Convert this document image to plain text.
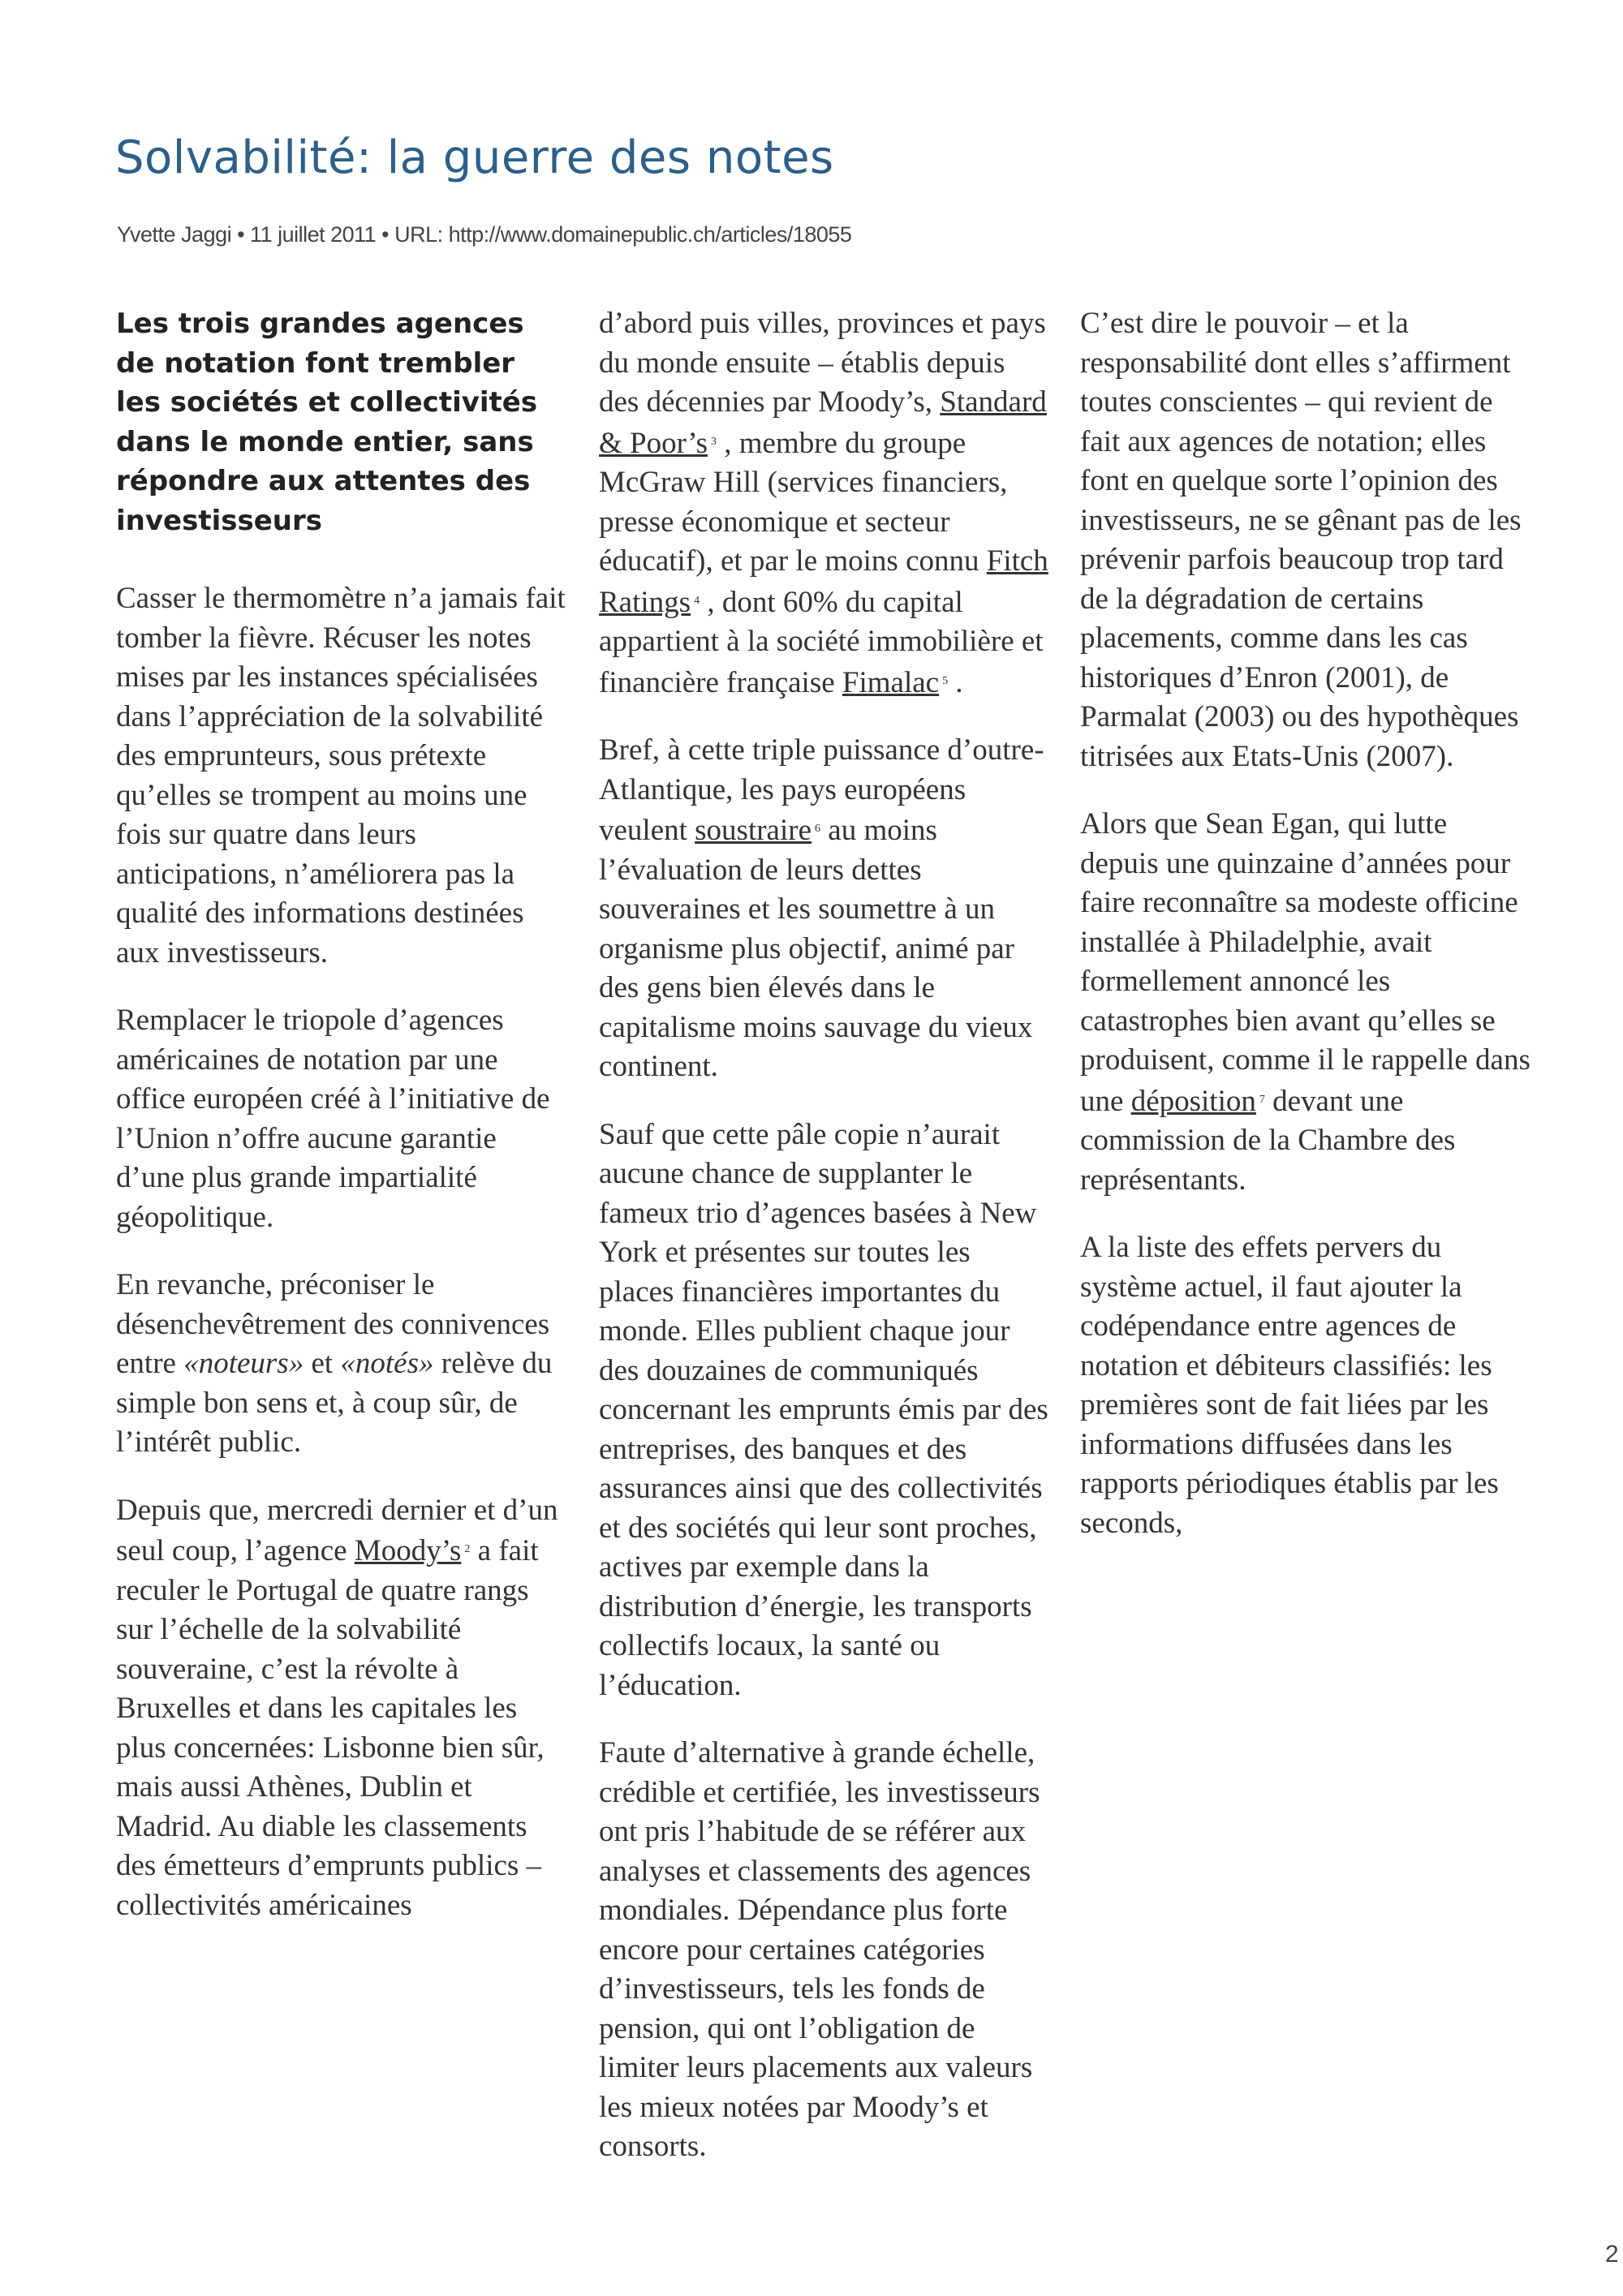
Solvabilité: la guerre des notes
Yvette Jaggi • 11 juillet 2011 • URL: http://www.domainepublic.ch/articles/18055

Les trois grandes agences de notation font trembler les sociétés et collectivités dans le monde entier, sans répondre aux attentes des investisseurs

Casser le thermomètre n’a jamais fait tomber la fièvre. Récuser les notes mises par les instances spécialisées dans l’appréciation de la solvabilité des emprunteurs, sous prétexte qu’elles se trompent au moins une fois sur quatre dans leurs anticipations, n’améliorera pas la qualité des informations destinées aux investisseurs.

Remplacer le triopole d’agences américaines de notation par une office européen créé à l’initiative de l’Union n’offre aucune garantie d’une plus grande impartialité géopolitique.

En revanche, préconiser le désenchevêtrement des connivences entre «noteurs» et «notés» relève du simple bon sens et, à coup sûr, de l’intérêt public.

Depuis que, mercredi dernier et d’un seul coup, l’agence Moody’s $^2$ a fait reculer le Portugal de quatre rangs sur l’échelle de la solvabilité souveraine, c’est la révolte à Bruxelles et dans les capitales les plus concernées: Lisbonne bien sûr, mais aussi Athènes, Dublin et Madrid. Au diable les classements des émetteurs d’emprunts publics – collectivités américaines

d’abord puis villes, provinces et pays du monde ensuite – établis depuis des décennies par Moody’s, Standard & Poor’s $^3$ , membre du groupe McGraw Hill (services financiers, presse économique et secteur éducatif), et par le moins connu Fitch Ratings $^4$ , dont 60% du capital appartient à la société immobilière et financière française Fimalac $^5$ .

Bref, à cette triple puissance d’outre-Atlantique, les pays européens veulent soustraire $^6$ au moins l’évaluation de leurs dettes souveraines et les soumettre à un organisme plus objectif, animé par des gens bien élevés dans le capitalisme moins sauvage du vieux continent.

Sauf que cette pâle copie n’aurait aucune chance de supplanter le fameux trio d’agences basées à New York et présentes sur toutes les places financières importantes du monde. Elles publient chaque jour des douzaines de communiqués concernant les emprunts émis par des entreprises, des banques et des assurances ainsi que des collectivités et des sociétés qui leur sont proches, actives par exemple dans la distribution d’énergie, les transports collectifs locaux, la santé ou l’éducation.

Faute d’alternative à grande échelle, crédible et certifiée, les investisseurs ont pris l’habitude de se référer aux analyses et classements des agences mondiales. Dépendance plus forte encore pour certaines catégories d’investisseurs, tels les fonds de pension, qui ont l’obligation de limiter leurs placements aux valeurs les mieux notées par Moody’s et consorts.

C’est dire le pouvoir – et la responsabilité dont elles s’affirment toutes conscientes – qui revient de fait aux agences de notation; elles font en quelque sorte l’opinion des investisseurs, ne se gênant pas de les prévenir parfois beaucoup trop tard de la dégradation de certains placements, comme dans les cas historiques d’Enron (2001), de Parmalat (2003) ou des hypothèques titrisées aux Etats-Unis (2007).

Alors que Sean Egan, qui lutte depuis une quinzaine d’années pour faire reconnaître sa modeste officine installée à Philadelphie, avait formellement annoncé les catastrophes bien avant qu’elles se produisent, comme il le rappelle dans une déposition $^7$ devant une commission de la Chambre des représentants.

A la liste des effets pervers du système actuel, il faut ajouter la codépendance entre agences de notation et débiteurs classifiés: les premières sont de fait liées par les informations diffusées dans les rapports périodiques établis par les seconds,

2
